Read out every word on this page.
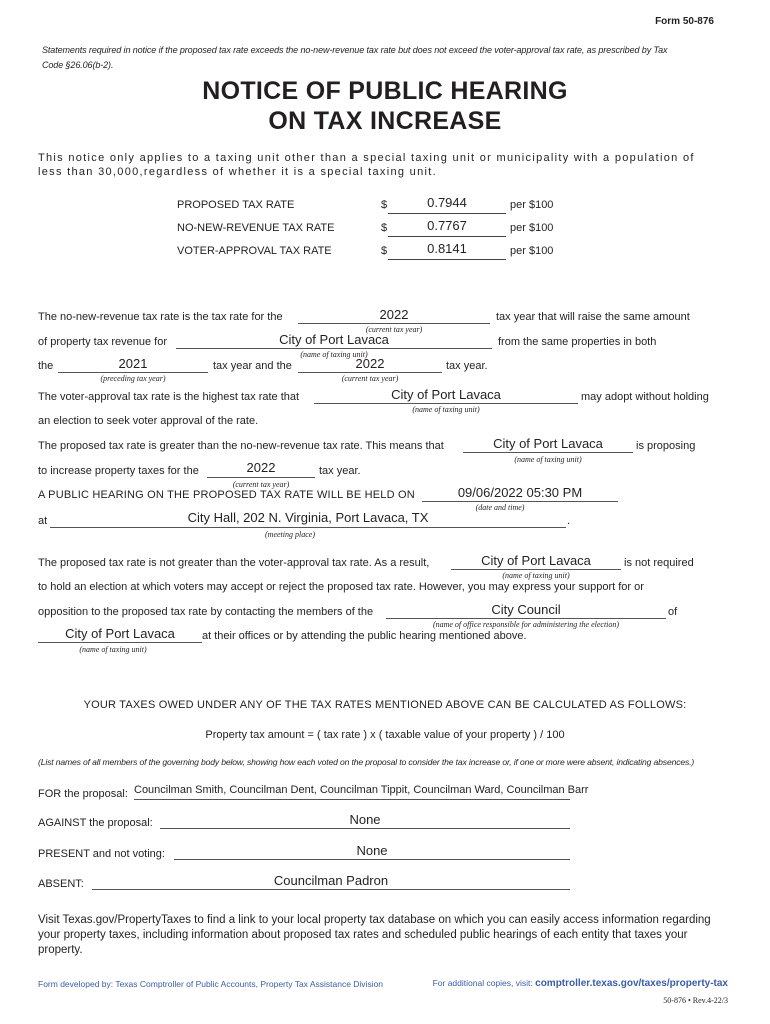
Form 50-876
Statements required in notice if the proposed tax rate exceeds the no-new-revenue tax rate but does not exceed the voter-approval tax rate, as prescribed by Tax Code §26.06(b-2).
NOTICE OF PUBLIC HEARING
ON TAX INCREASE
This notice only applies to a taxing unit other than a special taxing unit or municipality with a population of less than 30,000,regardless of whether it is a special taxing unit.
PROPOSED TAX RATE	$	0.7944	per $100
NO-NEW-REVENUE TAX RATE	$	0.7767	per $100
VOTER-APPROVAL TAX RATE	$	0.8141	per $100
The no-new-revenue tax rate is the tax rate for the	2022
(current tax year)
tax year that will raise the same amount
of property tax revenue for	City of Port Lavaca
(name of taxing unit)
from the same properties in both
the	2021
(preceding tax year)
tax year and the	2022
(current tax year)
tax year.
The voter-approval tax rate is the highest tax rate that	City of Port Lavaca
(name of taxing unit)
may adopt without holding
an election to seek voter approval of the rate.
The proposed tax rate is greater than the no-new-revenue tax rate. This means that	City of Port Lavaca
(name of taxing unit)
is proposing
to increase property taxes for the	2022
(current tax year)
tax year.
A PUBLIC HEARING ON THE PROPOSED TAX RATE WILL BE HELD ON	09/06/2022 05:30 PM
(date and time)
at	City Hall, 202 N. Virginia, Port Lavaca, TX
(meeting place)
.
The proposed tax rate is not greater than the voter-approval tax rate. As a result,	City of Port Lavaca
(name of taxing unit)
is not required
to hold an election at which voters may accept or reject the proposed tax rate. However, you may express your support for or
opposition to the proposed tax rate by contacting the members of the	City Council
(name of office responsible for administering the election)
of
City of Port Lavaca
(name of taxing unit)
at their offices or by attending the public hearing mentioned above.
YOUR TAXES OWED UNDER ANY OF THE TAX RATES MENTIONED ABOVE CAN BE CALCULATED AS FOLLOWS:
Property tax amount = ( tax rate ) x ( taxable value of your property ) / 100
(List names of all members of the governing body below, showing how each voted on the proposal to consider the tax increase or, if one or more were absent, indicating absences.)
FOR the proposal: Councilman Smith, Councilman Dent, Councilman Tippit, Councilman Ward, Councilman Barr
AGAINST the proposal:	None
PRESENT and not voting:	None
ABSENT:	Councilman Padron
Visit Texas.gov/PropertyTaxes to find a link to your local property tax database on which you can easily access information regarding your property taxes, including information about proposed tax rates and scheduled public hearings of each entity that taxes your property.
Form developed by: Texas Comptroller of Public Accounts, Property Tax Assistance Division	For additional copies, visit: comptroller.texas.gov/taxes/property-tax
50-876 • Rev.4-22/3
